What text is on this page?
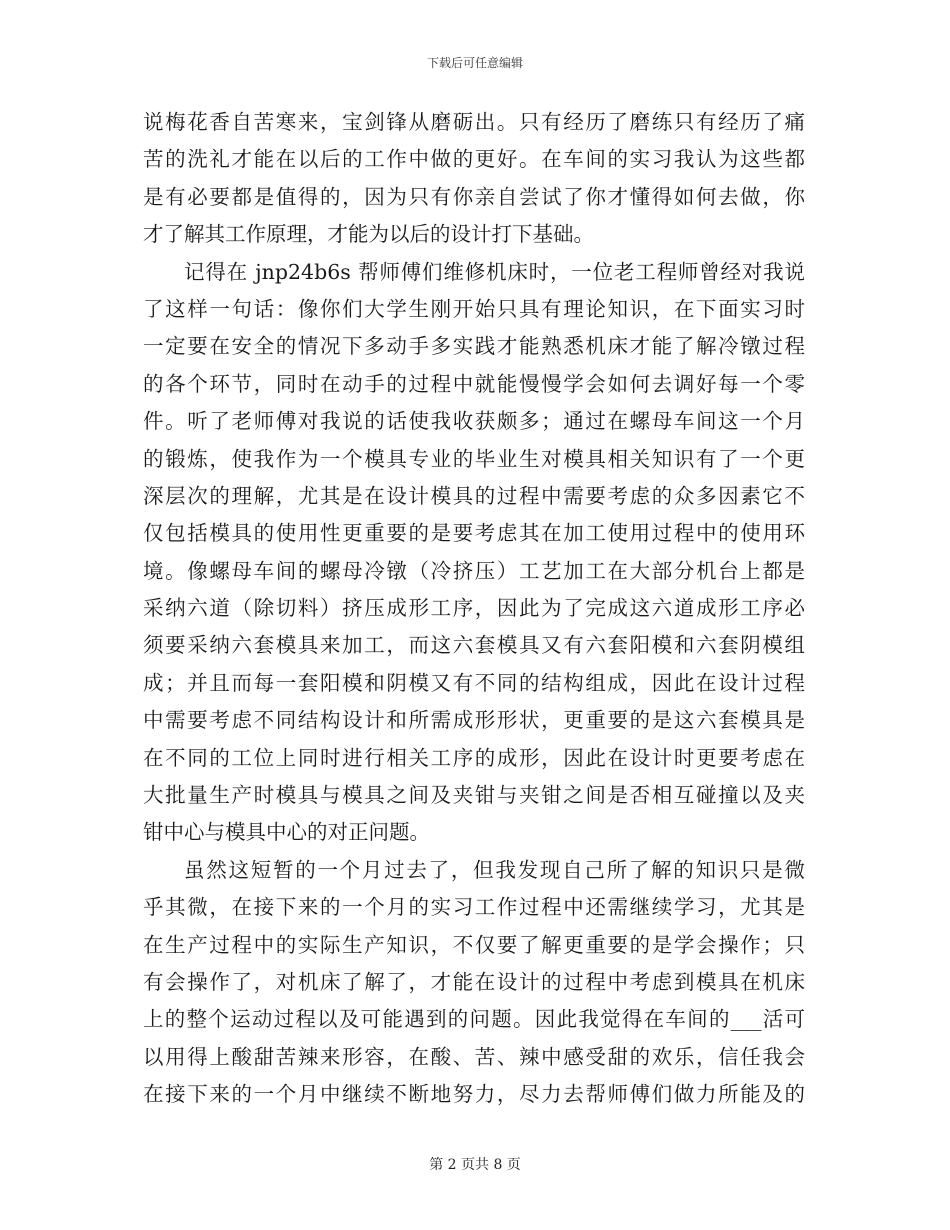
下载后可任意编辑
说梅花香自苦寒来，宝剑锋从磨砺出。只有经历了磨练只有经历了痛
苦的洗礼才能在以后的工作中做的更好。在车间的实习我认为这些都
是有必要都是值得的，因为只有你亲自尝试了你才懂得如何去做，你
才了解其工作原理，才能为以后的设计打下基础。
记得在 jnp24b6s 帮师傅们维修机床时，一位老工程师曾经对我说
了这样一句话：像你们大学生刚开始只具有理论知识，在下面实习时
一定要在安全的情况下多动手多实践才能熟悉机床才能了解冷镦过程
的各个环节，同时在动手的过程中就能慢慢学会如何去调好每一个零
件。听了老师傅对我说的话使我收获颇多；通过在螺母车间这一个月
的锻炼，使我作为一个模具专业的毕业生对模具相关知识有了一个更
深层次的理解，尤其是在设计模具的过程中需要考虑的众多因素它不
仅包括模具的使用性更重要的是要考虑其在加工使用过程中的使用环
境。像螺母车间的螺母冷镦（冷挤压）工艺加工在大部分机台上都是
采纳六道（除切料）挤压成形工序，因此为了完成这六道成形工序必
须要采纳六套模具来加工，而这六套模具又有六套阳模和六套阴模组
成；并且而每一套阳模和阴模又有不同的结构组成，因此在设计过程
中需要考虑不同结构设计和所需成形形状，更重要的是这六套模具是
在不同的工位上同时进行相关工序的成形，因此在设计时更要考虑在
大批量生产时模具与模具之间及夹钳与夹钳之间是否相互碰撞以及夹
钳中心与模具中心的对正问题。
虽然这短暂的一个月过去了，但我发现自己所了解的知识只是微
乎其微，在接下来的一个月的实习工作过程中还需继续学习，尤其是
在生产过程中的实际生产知识，不仅要了解更重要的是学会操作；只
有会操作了，对机床了解了，才能在设计的过程中考虑到模具在机床
上的整个运动过程以及可能遇到的问题。因此我觉得在车间的___活可
以用得上酸甜苦辣来形容，在酸、苦、辣中感受甜的欢乐，信任我会
在接下来的一个月中继续不断地努力，尽力去帮师傅们做力所能及的
第 2 页共 8 页
